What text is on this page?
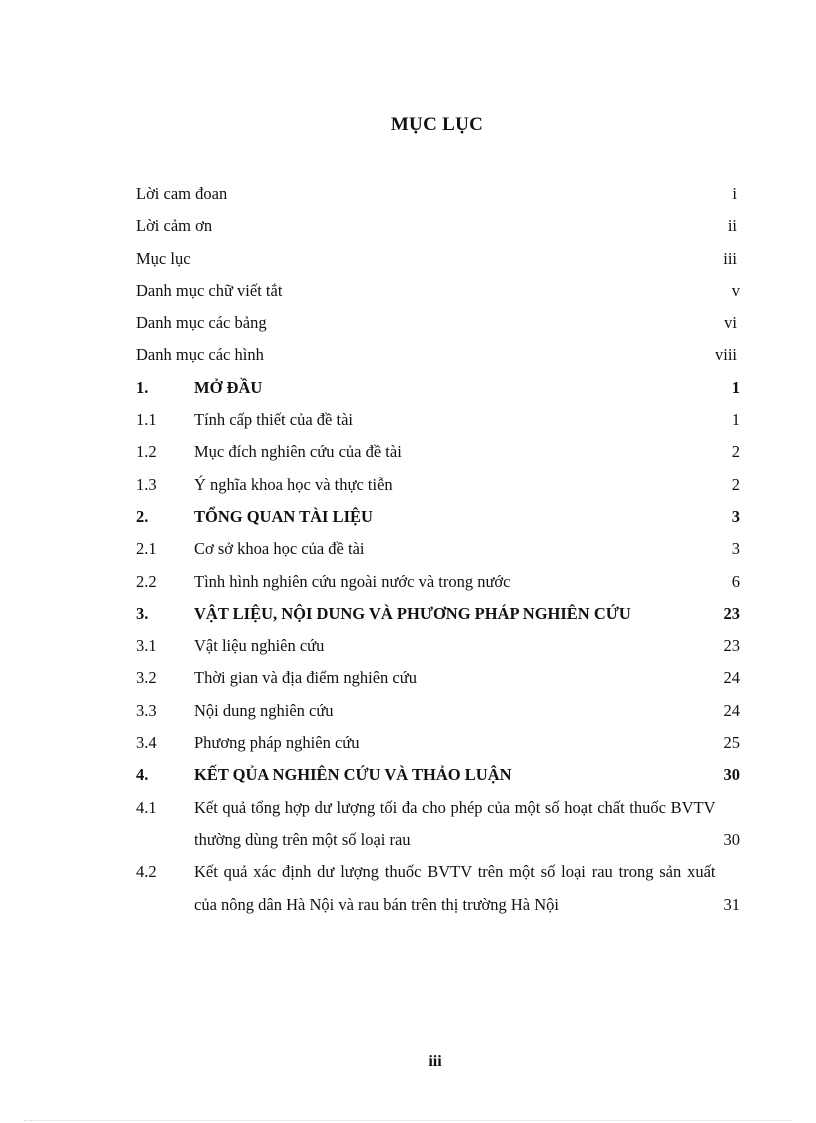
MỤC LỤC
Lời cam đoan	i
Lời cảm ơn	ii
Mục lục	iii
Danh mục chữ viết tắt	v
Danh mục các bảng	vi
Danh mục các hình	viii
1.	MỞ ĐẦU	1
1.1	Tính cấp thiết của đề tài	1
1.2	Mục đích nghiên cứu của đề tài	2
1.3	Ý nghĩa khoa học và thực tiễn	2
2.	TỔNG QUAN TÀI LIỆU	3
2.1	Cơ sở khoa học của đề tài	3
2.2	Tình hình nghiên cứu ngoài nước và trong nước	6
3.	VẬT LIỆU, NỘI DUNG VÀ PHƯƠNG PHÁP NGHIÊN CỨU	23
3.1	Vật liệu nghiên cứu	23
3.2	Thời gian và địa điểm nghiên cứu	24
3.3	Nội dung nghiên cứu	24
3.4	Phương pháp nghiên cứu	25
4.	KẾT QỦA NGHIÊN CỨU VÀ THẢO LUẬN	30
4.1	Kết quả tổng hợp dư lượng tối đa cho phép của một số hoạt chất thuốc BVTV thường dùng trên một số loại rau	30
4.2	Kết quả xác định dư lượng thuốc BVTV trên một số loại rau trong sản xuất của nông dân Hà Nội và rau bán trên thị trường Hà Nội	31
iii
